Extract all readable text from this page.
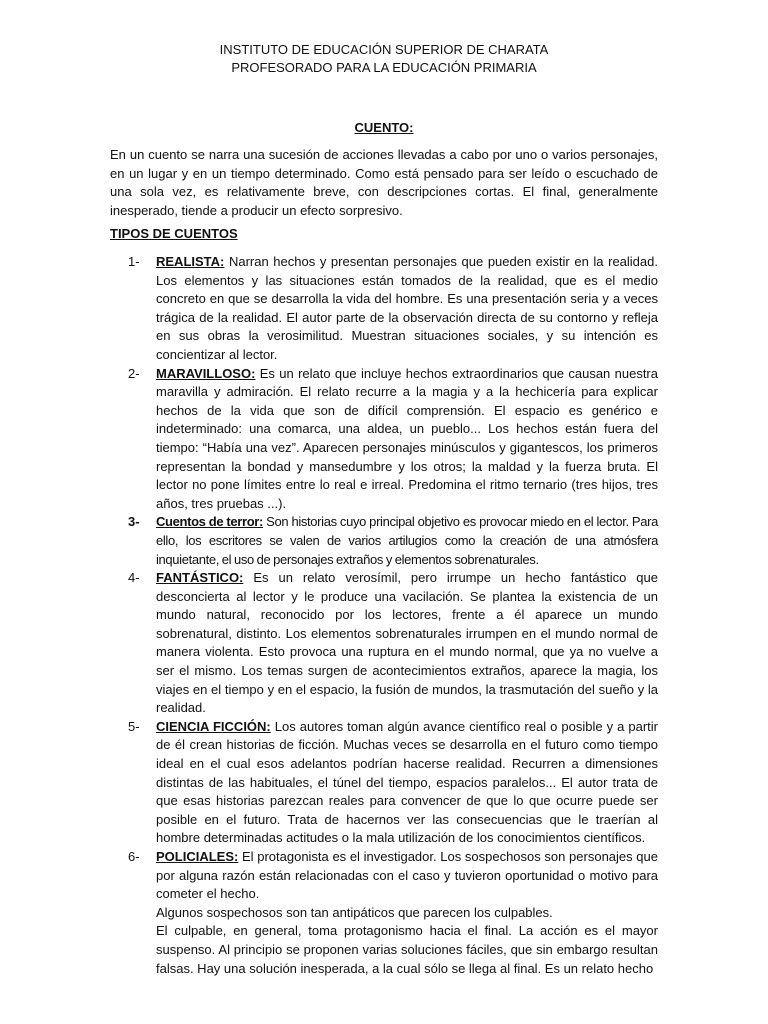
INSTITUTO DE EDUCACIÓN SUPERIOR DE CHARATA
PROFESORADO PARA LA EDUCACIÓN PRIMARIA
CUENTO:

En un cuento se narra una sucesión de acciones llevadas a cabo por uno o varios personajes, en un lugar y en un tiempo determinado. Como está pensado para ser leído o escuchado de una sola vez, es relativamente breve, con descripciones cortas. El final, generalmente inesperado, tiende a producir un efecto sorpresivo.

TIPOS DE CUENTOS

1-	REALISTA: Narran hechos y presentan personajes que pueden existir en la realidad. Los elementos y las situaciones están tomados de la realidad, que es el medio concreto en que se desarrolla la vida del hombre. Es una presentación seria y a veces trágica de la realidad. El autor parte de la observación directa de su contorno y refleja en sus obras la verosimilitud. Muestran situaciones sociales, y su intención es concientizar al lector.
2-	MARAVILLOSO: Es un relato que incluye hechos extraordinarios que causan nuestra maravilla y admiración. El relato recurre a la magia y a la hechicería para explicar hechos de la vida que son de difícil comprensión. El espacio es genérico e indeterminado: una comarca, una aldea, un pueblo... Los hechos están fuera del tiempo: “Había una vez”. Aparecen personajes minúsculos y gigantescos, los primeros representan la bondad y mansedumbre y los otros; la maldad y la fuerza bruta. El lector no pone límites entre lo real e irreal. Predomina el ritmo ternario (tres hijos, tres años, tres pruebas ...).
3-	Cuentos de terror: Son historias cuyo principal objetivo es provocar miedo en el lector. Para ello, los escritores se valen de varios artilugios como la creación de una atmósfera inquietante, el uso de personajes extraños y elementos sobrenaturales.
4-	FANTÁSTICO: Es un relato verosímil, pero irrumpe un hecho fantástico que desconcierta al lector y le produce una vacilación. Se plantea la existencia de un mundo natural, reconocido por los lectores, frente a él aparece un mundo sobrenatural, distinto. Los elementos sobrenaturales irrumpen en el mundo normal de manera violenta. Esto provoca una ruptura en el mundo normal, que ya no vuelve a ser el mismo. Los temas surgen de acontecimientos extraños, aparece la magia, los viajes en el tiempo y en el espacio, la fusión de mundos, la trasmutación del sueño y la realidad.
5-	CIENCIA FICCIÓN: Los autores toman algún avance científico real o posible y a partir de él crean historias de ficción. Muchas veces se desarrolla en el futuro como tiempo ideal en el cual esos adelantos podrían hacerse realidad. Recurren a dimensiones distintas de las habituales, el túnel del tiempo, espacios paralelos... El autor trata de que esas historias parezcan reales para convencer de que lo que ocurre puede ser posible en el futuro. Trata de hacernos ver las consecuencias que le traerían al hombre determinadas actitudes o la mala utilización de los conocimientos científicos.
6-	POLICIALES: El protagonista es el investigador. Los sospechosos son personajes que por alguna razón están relacionadas con el caso y tuvieron oportunidad o motivo para cometer el hecho.
Algunos sospechosos son tan antipáticos que parecen los culpables.
El culpable, en general, toma protagonismo hacia el final. La acción es el mayor suspenso. Al principio se proponen varias soluciones fáciles, que sin embargo resultan falsas. Hay una solución inesperada, a la cual sólo se llega al final. Es un relato hecho
